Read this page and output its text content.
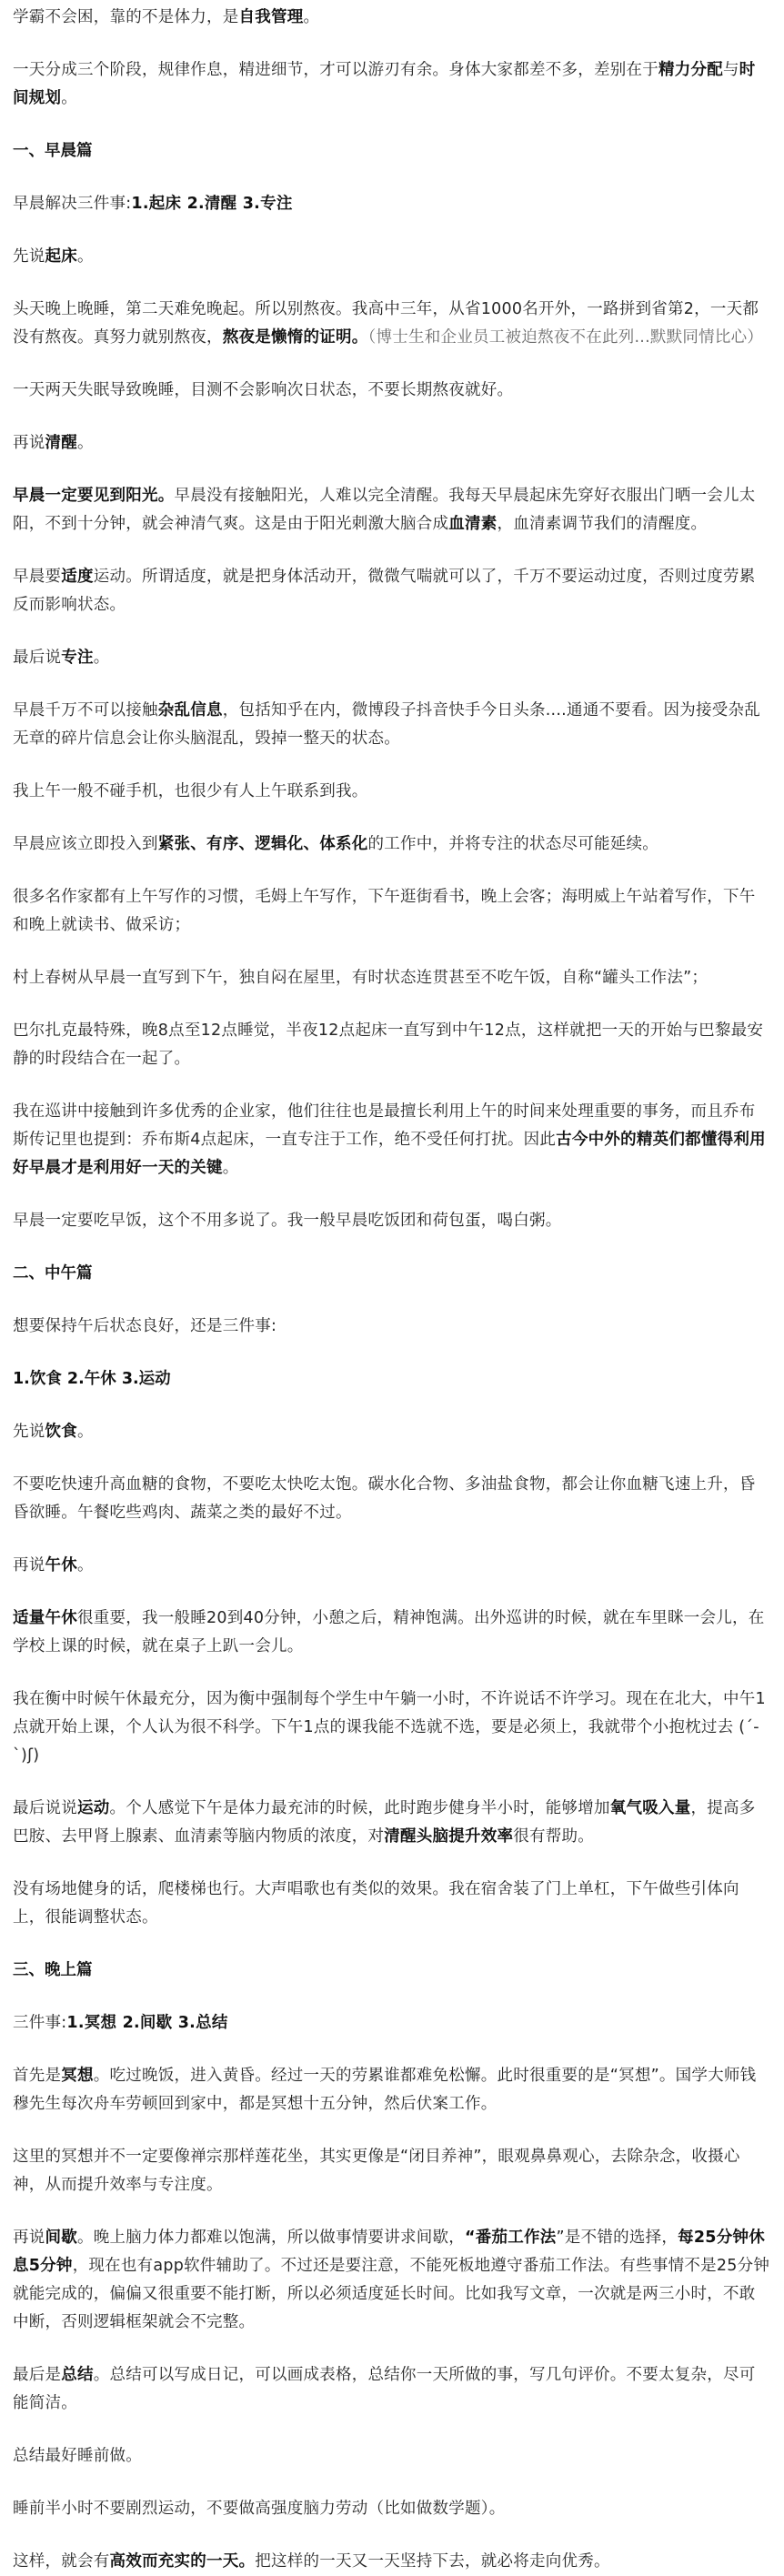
学霸不会困，靠的不是体力，是自我管理。

一天分成三个阶段，规律作息，精进细节，才可以游刃有余。身体大家都差不多，差别在于精力分配与时间规划。

一、早晨篇

早晨解决三件事:1.起床 2.清醒 3.专注

先说起床。

头天晚上晚睡，第二天难免晚起。所以别熬夜。我高中三年，从省1000名开外，一路拼到省第2，一天都没有熬夜。真努力就别熬夜，熬夜是懒惰的证明。（博士生和企业员工被迫熬夜不在此列...默默同情比心）

一天两天失眠导致晚睡，目测不会影响次日状态，不要长期熬夜就好。

再说清醒。

早晨一定要见到阳光。早晨没有接触阳光，人难以完全清醒。我每天早晨起床先穿好衣服出门晒一会儿太阳，不到十分钟，就会神清气爽。这是由于阳光刺激大脑合成血清素，血清素调节我们的清醒度。

早晨要适度运动。所谓适度，就是把身体活动开，微微气喘就可以了，千万不要运动过度，否则过度劳累反而影响状态。

最后说专注。

早晨千万不可以接触杂乱信息，包括知乎在内，微博段子抖音快手今日头条....通通不要看。因为接受杂乱无章的碎片信息会让你头脑混乱，毁掉一整天的状态。

我上午一般不碰手机，也很少有人上午联系到我。

早晨应该立即投入到紧张、有序、逻辑化、体系化的工作中，并将专注的状态尽可能延续。

很多名作家都有上午写作的习惯，毛姆上午写作，下午逛街看书，晚上会客；海明威上午站着写作，下午和晚上就读书、做采访；

村上春树从早晨一直写到下午，独自闷在屋里，有时状态连贯甚至不吃午饭，自称“罐头工作法”；

巴尔扎克最特殊，晚8点至12点睡觉，半夜12点起床一直写到中午12点，这样就把一天的开始与巴黎最安静的时段结合在一起了。

我在巡讲中接触到许多优秀的企业家，他们往往也是最擅长利用上午的时间来处理重要的事务，而且乔布斯传记里也提到：乔布斯4点起床，一直专注于工作，绝不受任何打扰。因此古今中外的精英们都懂得利用好早晨才是利用好一天的关键。

早晨一定要吃早饭，这个不用多说了。我一般早晨吃饭团和荷包蛋，喝白粥。

二、中午篇

想要保持午后状态良好，还是三件事:

1.饮食 2.午休 3.运动

先说饮食。

不要吃快速升高血糖的食物，不要吃太快吃太饱。碳水化合物、多油盐食物，都会让你血糖飞速上升，昏昏欲睡。午餐吃些鸡肉、蔬菜之类的最好不过。

再说午休。

适量午休很重要，我一般睡20到40分钟，小憩之后，精神饱满。出外巡讲的时候，就在车里眯一会儿，在学校上课的时候，就在桌子上趴一会儿。

我在衡中时候午休最充分，因为衡中强制每个学生中午躺一小时，不许说话不许学习。现在在北大，中午1点就开始上课，个人认为很不科学。下午1点的课我能不选就不选，要是必须上，我就带个小抱枕过去 (´-`)ʃ)

最后说说运动。个人感觉下午是体力最充沛的时候，此时跑步健身半小时，能够增加氧气吸入量，提高多巴胺、去甲肾上腺素、血清素等脑内物质的浓度，对清醒头脑提升效率很有帮助。

没有场地健身的话，爬楼梯也行。大声唱歌也有类似的效果。我在宿舍装了门上单杠，下午做些引体向上，很能调整状态。

三、晚上篇

三件事:1.冥想 2.间歇 3.总结

首先是冥想。吃过晚饭，进入黄昏。经过一天的劳累谁都难免松懈。此时很重要的是“冥想”。国学大师钱穆先生每次舟车劳顿回到家中，都是冥想十五分钟，然后伏案工作。

这里的冥想并不一定要像禅宗那样莲花坐，其实更像是“闭目养神”，眼观鼻鼻观心，去除杂念，收摄心神，从而提升效率与专注度。

再说间歇。晚上脑力体力都难以饱满，所以做事情要讲求间歇，“番茄工作法”是不错的选择，每25分钟休息5分钟，现在也有app软件辅助了。不过还是要注意，不能死板地遵守番茄工作法。有些事情不是25分钟就能完成的，偏偏又很重要不能打断，所以必须适度延长时间。比如我写文章，一次就是两三小时，不敢中断，否则逻辑框架就会不完整。

最后是总结。总结可以写成日记，可以画成表格，总结你一天所做的事，写几句评价。不要太复杂，尽可能简洁。

总结最好睡前做。

睡前半小时不要剧烈运动，不要做高强度脑力劳动（比如做数学题）。

这样，就会有高效而充实的一天。把这样的一天又一天坚持下去，就必将走向优秀。
